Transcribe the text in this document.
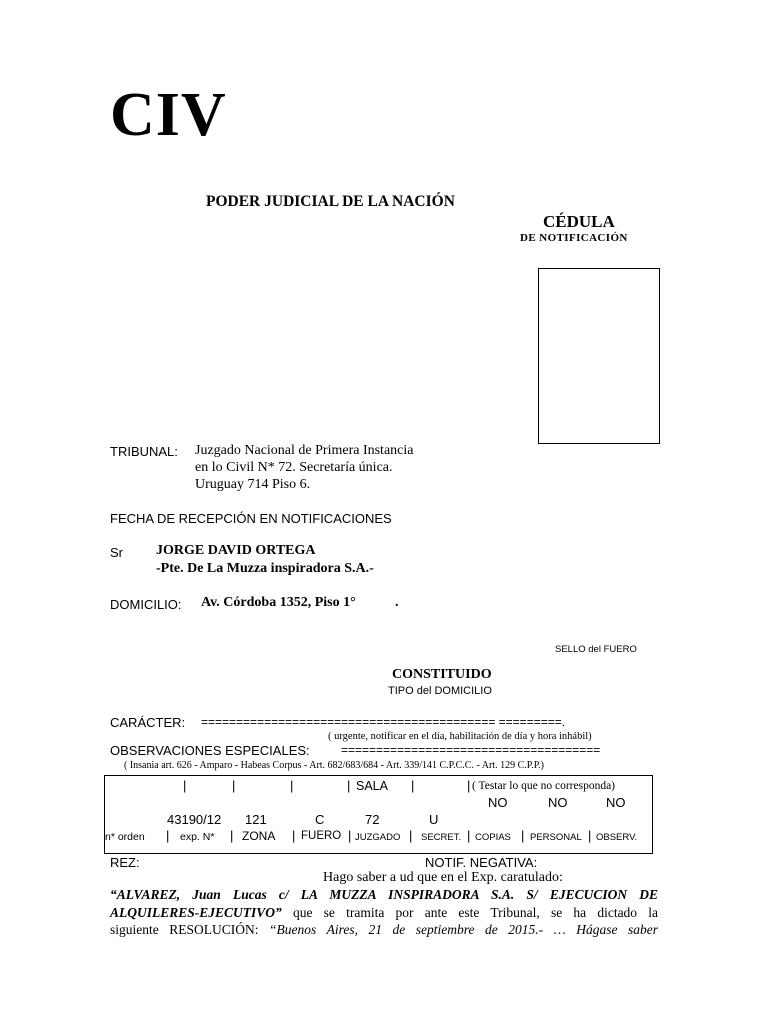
CIV
PODER JUDICIAL DE LA NACIÓN
CÉDULA
DE NOTIFICACIÓN
TRIBUNAL: Juzgado Nacional de Primera Instancia
en lo Civil N* 72. Secretaría única.
Uruguay 714 Piso 6.
FECHA DE RECEPCIÓN EN NOTIFICACIONES
Sr JORGE DAVID ORTEGA
-Pte. De La Muzza inspiradora S.A.-
DOMICILIO: Av. Córdoba 1352, Piso 1°	.
SELLO del FUERO
CONSTITUIDO
TIPO del DOMICILIO
CARÁCTER: ========================================== =========.
( urgente, notificar en el día, habilitación de día y hora inhábil)
OBSERVACIONES ESPECIALES:	=====================================
( Insania art. 626 - Amparo - Habeas Corpus - Art. 682/683/684 - Art. 339/141 C.P.C.C. - Art. 129 C.P.P.)
|	|	|	| SALA |	| ( Testar lo que no corresponda)
NO	NO	NO
43190/12 121	C	72	U
n* orden | exp. N* | ZONA | FUERO | JUZGADO | SECRET. | COPIAS | PERSONAL | OBSERV.
REZ:	NOTIF. NEGATIVA:
Hago saber a ud que en el Exp. caratulado:
“ALVAREZ, Juan Lucas c/ LA MUZZA INSPIRADORA S.A. S/ EJECUCION DE
ALQUILERES-EJECUTIVO” que se tramita por ante este Tribunal, se ha dictado la
siguiente RESOLUCIÓN: “Buenos Aires, 21 de septiembre de 2015.- … Hágase saber
